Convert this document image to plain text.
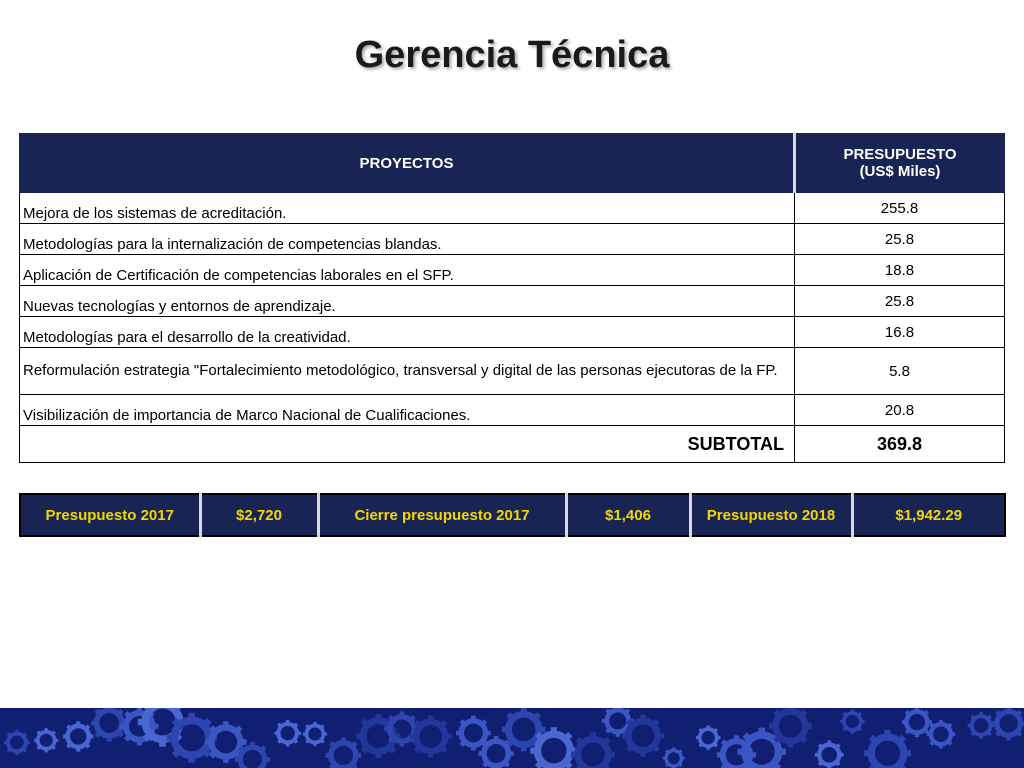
Gerencia Técnica
PROYECTOS	PRESUPUESTO
(US$ Miles)

Mejora de los sistemas de acreditación.	255.8
Metodologías para la internalización de competencias blandas.	25.8
Aplicación de Certificación de competencias laborales en el SFP.	18.8
Nuevas tecnologías y entornos de aprendizaje.	25.8
Metodologías para el desarrollo de la creatividad.	16.8
Reformulación estrategia "Fortalecimiento metodológico, transversal y digital de las personas ejecutoras de la FP.	5.8
Visibilización de importancia de Marco Nacional de Cualificaciones.	20.8
SUBTOTAL	369.8
Presupuesto 2017	$2,720	Cierre presupuesto 2017	$1,406	Presupuesto 2018	$1,942.29
